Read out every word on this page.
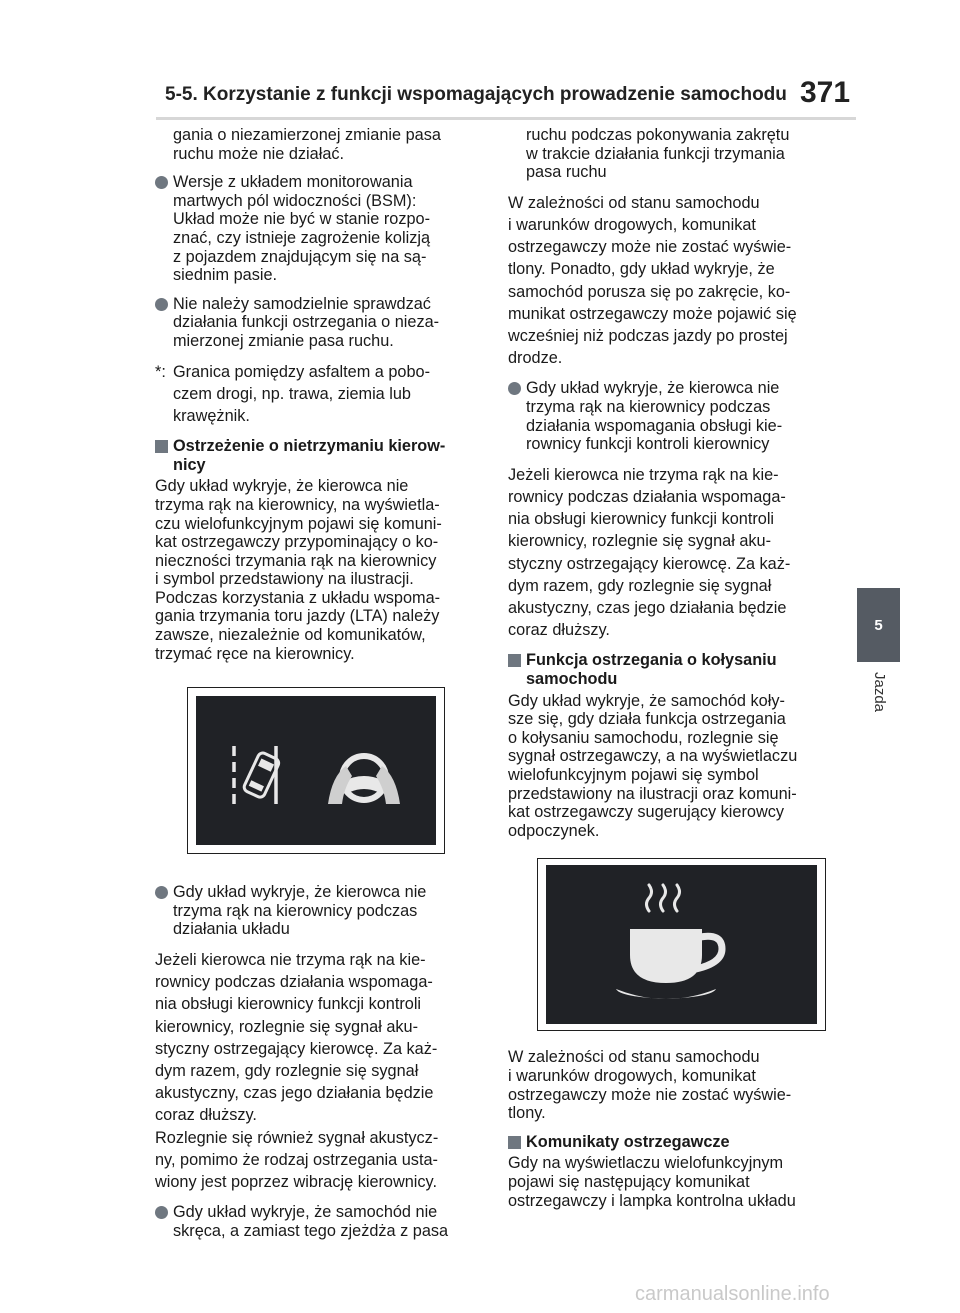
5-5. Korzystanie z funkcji wspomagających prowadzenie samochodu 371
5
Jazda
gania o niezamierzonej zmianie pasa
ruchu może nie działać.
Wersje z układem monitorowania
martwych pól widoczności (BSM):
Układ może nie być w stanie rozpo-
znać, czy istnieje zagrożenie kolizją
z pojazdem znajdującym się na są-
siednim pasie.
Nie należy samodzielnie sprawdzać
działania funkcji ostrzegania o nieza-
mierzonej zmianie pasa ruchu.
*: Granica pomiędzy asfaltem a pobo-
czem drogi, np. trawa, ziemia lub
krawężnik.
Ostrzeżenie o nietrzymaniu kierow-
nicy
Gdy układ wykryje, że kierowca nie
trzyma rąk na kierownicy, na wyświetla-
czu wielofunkcyjnym pojawi się komuni-
kat ostrzegawczy przypominający o ko-
nieczności trzymania rąk na kierownicy
i symbol przedstawiony na ilustracji.
Podczas korzystania z układu wspoma-
gania trzymania toru jazdy (LTA) należy
zawsze, niezależnie od komunikatów,
trzymać ręce na kierownicy.
Gdy układ wykryje, że kierowca nie
trzyma rąk na kierownicy podczas
działania układu
Jeżeli kierowca nie trzyma rąk na kie-
rownicy podczas działania wspomaga-
nia obsługi kierownicy funkcji kontroli
kierownicy, rozlegnie się sygnał aku-
styczny ostrzegający kierowcę. Za każ-
dym razem, gdy rozlegnie się sygnał
akustyczny, czas jego działania będzie
coraz dłuższy.
Rozlegnie się również sygnał akustycz-
ny, pomimo że rodzaj ostrzegania usta-
wiony jest poprzez wibrację kierownicy.
Gdy układ wykryje, że samochód nie
skręca, a zamiast tego zjeżdża z pasa
ruchu podczas pokonywania zakrętu
w trakcie działania funkcji trzymania
pasa ruchu
W zależności od stanu samochodu
i warunków drogowych, komunikat
ostrzegawczy może nie zostać wyświe-
tlony. Ponadto, gdy układ wykryje, że
samochód porusza się po zakręcie, ko-
munikat ostrzegawczy może pojawić się
wcześniej niż podczas jazdy po prostej
drodze.
Gdy układ wykryje, że kierowca nie
trzyma rąk na kierownicy podczas
działania wspomagania obsługi kie-
rownicy funkcji kontroli kierownicy
Jeżeli kierowca nie trzyma rąk na kie-
rownicy podczas działania wspomaga-
nia obsługi kierownicy funkcji kontroli
kierownicy, rozlegnie się sygnał aku-
styczny ostrzegający kierowcę. Za każ-
dym razem, gdy rozlegnie się sygnał
akustyczny, czas jego działania będzie
coraz dłuższy.
Funkcja ostrzegania o kołysaniu
samochodu
Gdy układ wykryje, że samochód koły-
sze się, gdy działa funkcja ostrzegania
o kołysaniu samochodu, rozlegnie się
sygnał ostrzegawczy, a na wyświetlaczu
wielofunkcyjnym pojawi się symbol
przedstawiony na ilustracji oraz komuni-
kat ostrzegawczy sugerujący kierowcy
odpoczynek.
W zależności od stanu samochodu
i warunków drogowych, komunikat
ostrzegawczy może nie zostać wyświe-
tlony.
Komunikaty ostrzegawcze
Gdy na wyświetlaczu wielofunkcyjnym
pojawi się następujący komunikat
ostrzegawczy i lampka kontrolna układu
carmanualsonline.info
